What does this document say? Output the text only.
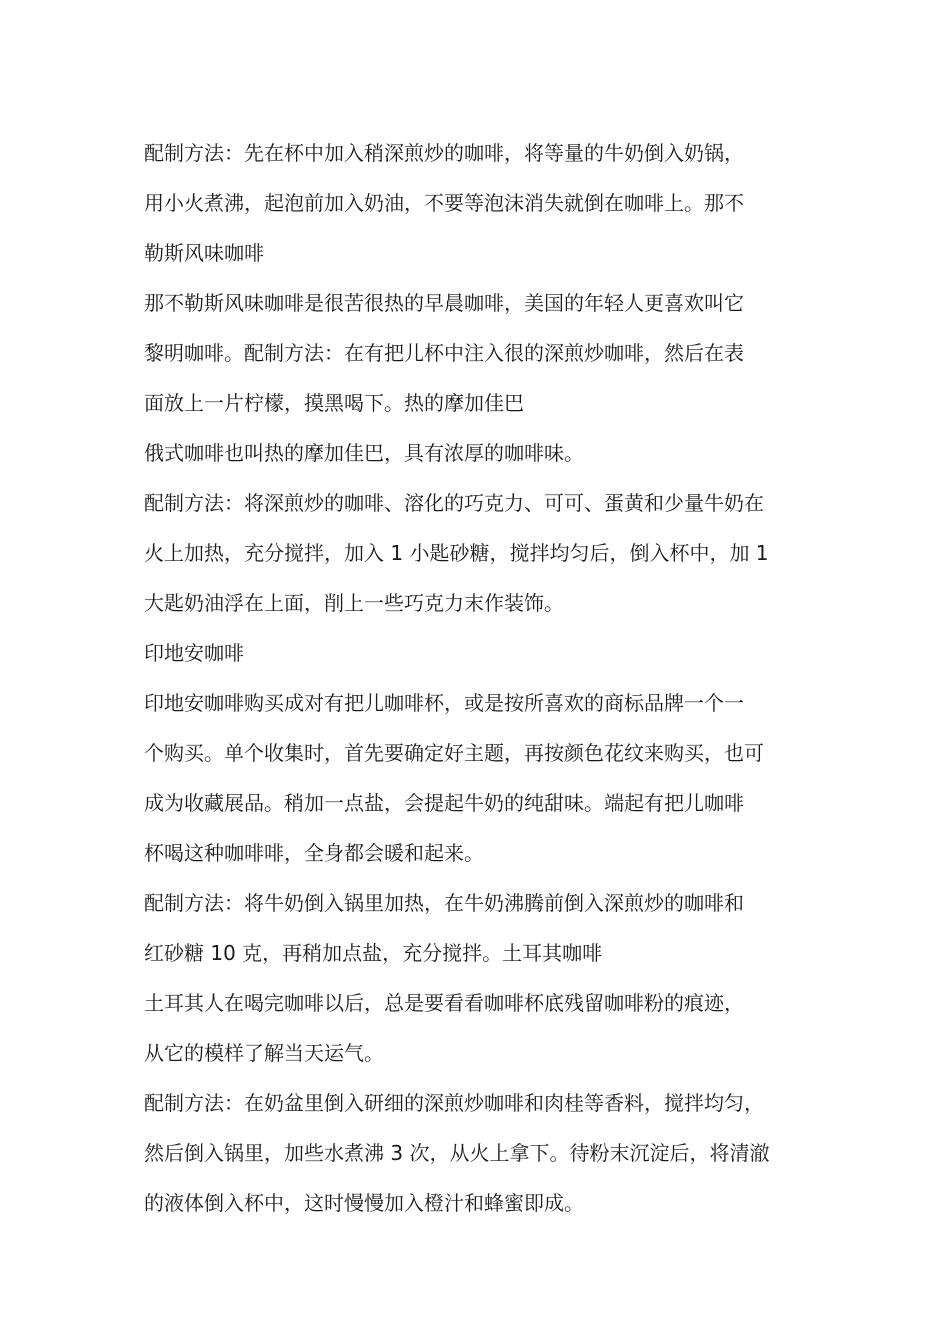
配制方法：先在杯中加入稍深煎炒的咖啡，将等量的牛奶倒入奶锅，
用小火煮沸，起泡前加入奶油，不要等泡沫消失就倒在咖啡上。那不
勒斯风味咖啡
那不勒斯风味咖啡是很苦很热的早晨咖啡，美国的年轻人更喜欢叫它
黎明咖啡。配制方法：在有把儿杯中注入很的深煎炒咖啡，然后在表
面放上一片柠檬，摸黑喝下。热的摩加佳巴
俄式咖啡也叫热的摩加佳巴，具有浓厚的咖啡味。
配制方法：将深煎炒的咖啡、溶化的巧克力、可可、蛋黄和少量牛奶在
火上加热，充分搅拌，加入 1 小匙砂糖，搅拌均匀后，倒入杯中，加 1
大匙奶油浮在上面，削上一些巧克力末作装饰。
印地安咖啡
印地安咖啡购买成对有把儿咖啡杯，或是按所喜欢的商标品牌一个一
个购买。单个收集时，首先要确定好主题，再按颜色花纹来购买，也可
成为收藏展品。稍加一点盐，会提起牛奶的纯甜味。端起有把儿咖啡
杯喝这种咖啡啡，全身都会暖和起来。
配制方法：将牛奶倒入锅里加热，在牛奶沸腾前倒入深煎炒的咖啡和
红砂糖 10 克，再稍加点盐，充分搅拌。土耳其咖啡
土耳其人在喝完咖啡以后，总是要看看咖啡杯底残留咖啡粉的痕迹，
从它的模样了解当天运气。
配制方法：在奶盆里倒入研细的深煎炒咖啡和肉桂等香料，搅拌均匀，
然后倒入锅里，加些水煮沸 3 次，从火上拿下。待粉末沉淀后，将清澈
的液体倒入杯中，这时慢慢加入橙汁和蜂蜜即成。
